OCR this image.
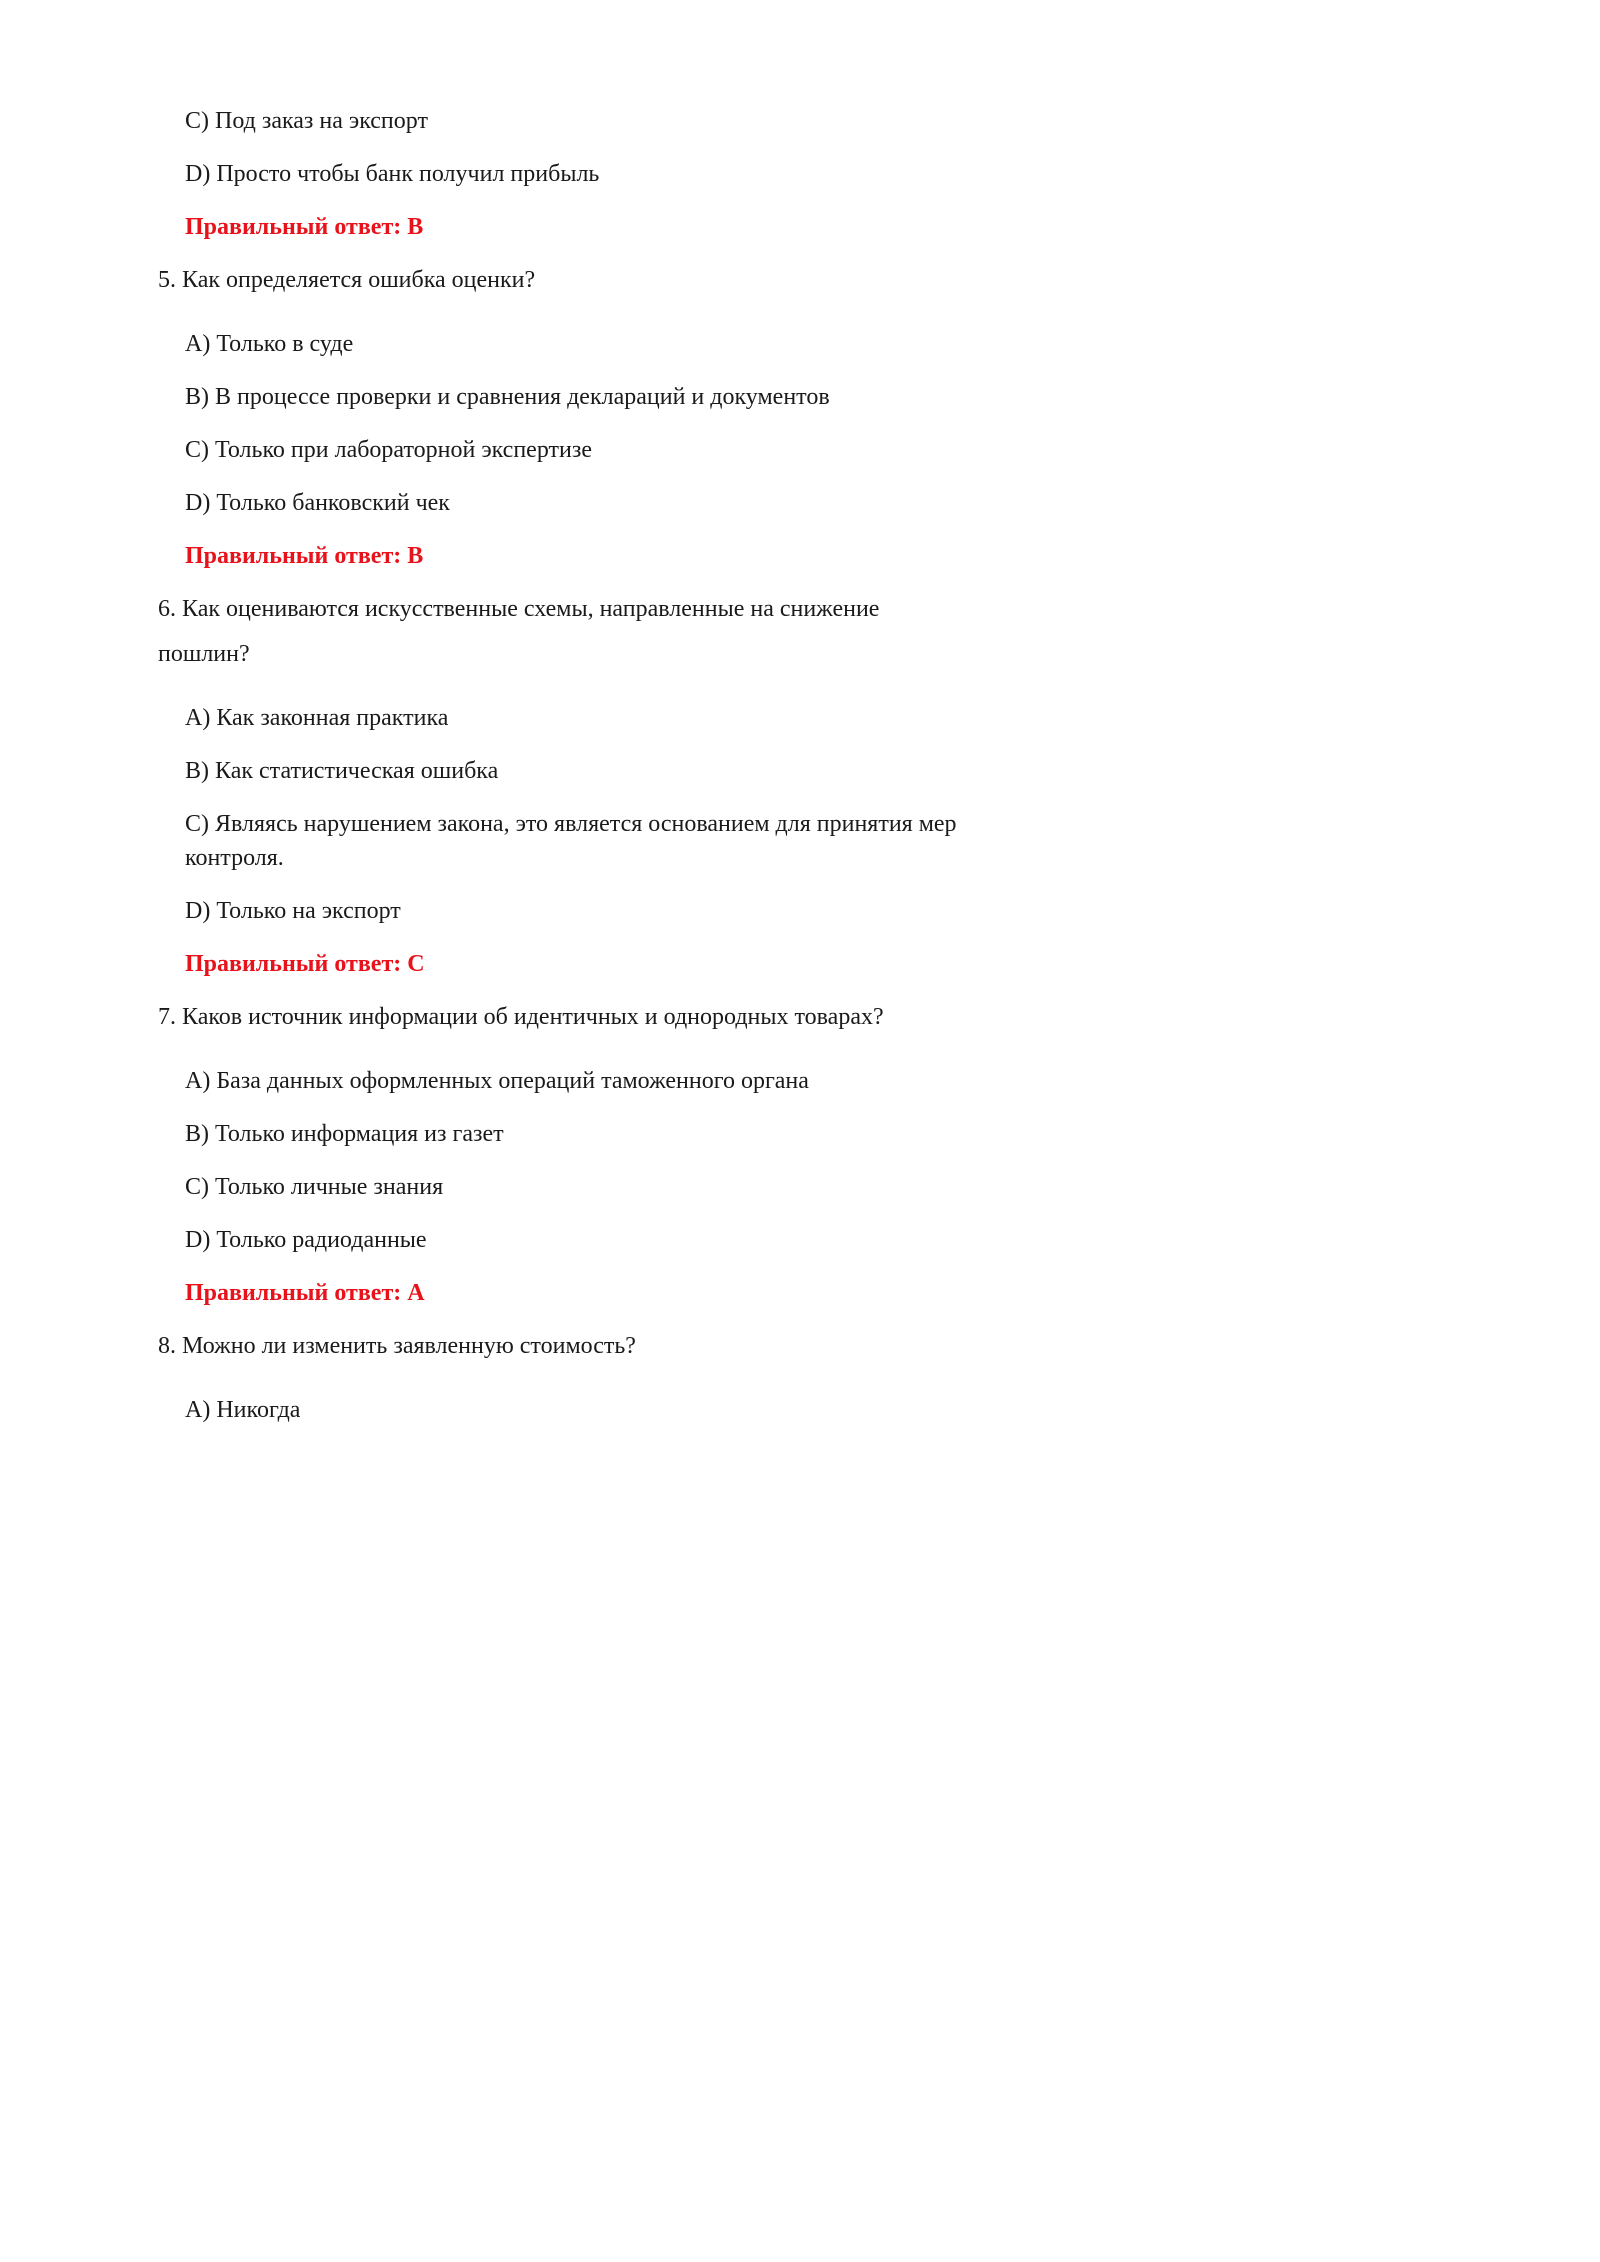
C) Под заказ на экспорт
D) Просто чтобы банк получил прибыль
Правильный ответ: B
5. Как определяется ошибка оценки?
A) Только в суде
B) В процессе проверки и сравнения деклараций и документов
C) Только при лабораторной экспертизе
D) Только банковский чек
Правильный ответ: B
6. Как оцениваются искусственные схемы, направленные на снижение
пошлин?
A) Как законная практика
B) Как статистическая ошибка
C) Являясь нарушением закона, это является основанием для принятия мер
контроля.
D) Только на экспорт
Правильный ответ: C
7. Каков источник информации об идентичных и однородных товарах?
A) База данных оформленных операций таможенного органа
B) Только информация из газет
C) Только личные знания
D) Только радиоданные
Правильный ответ: A
8. Можно ли изменить заявленную стоимость?
A) Никогда
